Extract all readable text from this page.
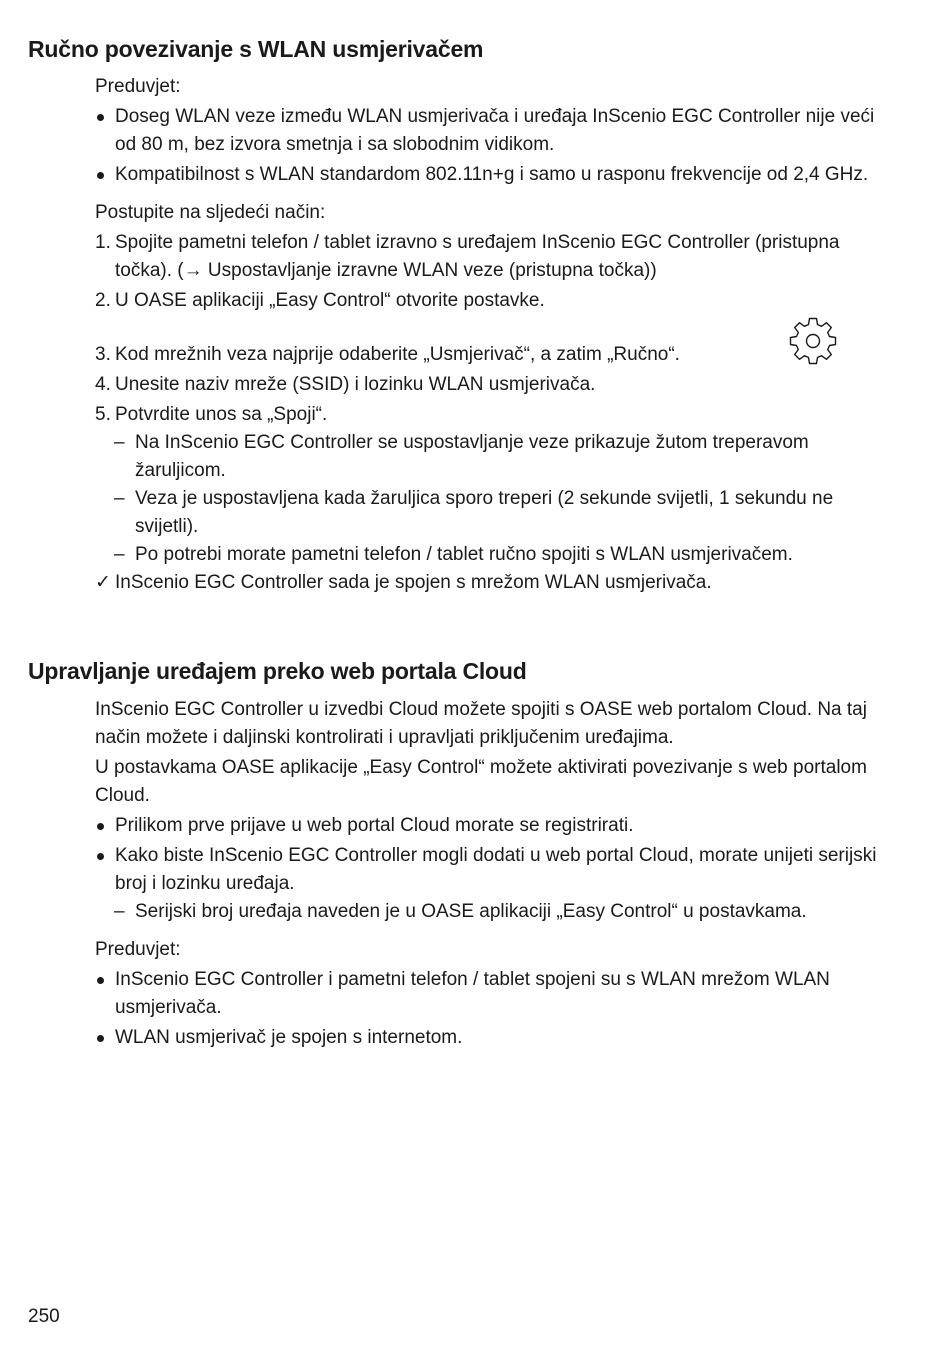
Ručno povezivanje s WLAN usmjerivačem

Preduvjet:

Doseg WLAN veze između WLAN usmjerivača i uređaja InScenio EGC Controller nije veći od 80 m, bez izvora smetnja i sa slobodnim vidikom.
Kompatibilnost s WLAN standardom 802.11n+g i samo u rasponu frekvencije od 2,4 GHz.

Postupite na sljedeći način:

1. Spojite pametni telefon / tablet izravno s uređajem InScenio EGC Controller (pristupna točka). (→ Uspostavljanje izravne WLAN veze (pristupna točka))
2. U OASE aplikaciji „Easy Control“ otvorite postavke.
3. Kod mrežnih veza najprije odaberite „Usmjerivač“, a zatim „Ručno“.
4. Unesite naziv mreže (SSID) i lozinku WLAN usmjerivača.
5. Potvrdite unos sa „Spoji“.
– Na InScenio EGC Controller se uspostavljanje veze prikazuje žutom treperavom žaruljicom.
– Veza je uspostavljena kada žaruljica sporo treperi (2 sekunde svijetli, 1 sekundu ne svijetli).
– Po potrebi morate pametni telefon / tablet ručno spojiti s WLAN usmjerivačem.
✓ InScenio EGC Controller sada je spojen s mrežom WLAN usmjerivača.
Upravljanje uređajem preko web portala Cloud

InScenio EGC Controller u izvedbi Cloud možete spojiti s OASE web portalom Cloud. Na taj način možete i daljinski kontrolirati i upravljati priključenim uređajima.

U postavkama OASE aplikacije „Easy Control“ možete aktivirati povezivanje s web portalom Cloud.

Prilikom prve prijave u web portal Cloud morate se registrirati.
Kako biste InScenio EGC Controller mogli dodati u web portal Cloud, morate unijeti serijski broj i lozinku uređaja.
– Serijski broj uređaja naveden je u OASE aplikaciji „Easy Control“ u postavkama.

Preduvjet:

InScenio EGC Controller i pametni telefon / tablet spojeni su s WLAN mrežom WLAN usmjerivača.
WLAN usmjerivač je spojen s internetom.
250
